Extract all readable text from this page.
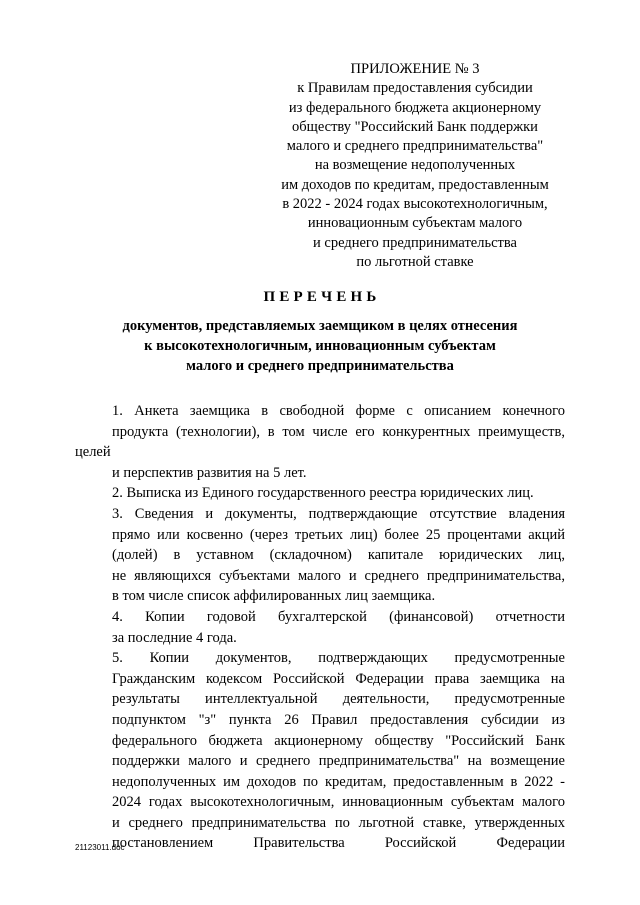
ПРИЛОЖЕНИЕ № 3
к Правилам предоставления субсидии
из федерального бюджета акционерному
обществу "Российский Банк поддержки
малого и среднего предпринимательства"
на возмещение недополученных
им доходов по кредитам, предоставленным
в 2022 - 2024 годах высокотехнологичным,
инновационным субъектам малого
и среднего предпринимательства
по льготной ставке
ПЕРЕЧЕНЬ
документов, представляемых заемщиком в целях отнесения
к высокотехнологичным, инновационным субъектам
малого и среднего предпринимательства
1. Анкета заемщика в свободной форме с описанием конечного
продукта (технологии), в том числе его конкурентных преимуществ, целей
и перспектив развития на 5 лет.
2. Выписка из Единого государственного реестра юридических лиц.
3. Сведения и документы, подтверждающие отсутствие владения
прямо или косвенно (через третьих лиц) более 25 процентами акций
(долей) в уставном (складочном) капитале юридических лиц,
не являющихся субъектами малого и среднего предпринимательства,
в том числе список аффилированных лиц заемщика.
4. Копии годовой бухгалтерской (финансовой) отчетности
за последние 4 года.
5. Копии документов, подтверждающих предусмотренные
Гражданским кодексом Российской Федерации права заемщика на
результаты интеллектуальной деятельности, предусмотренные
подпунктом "з" пункта 26 Правил предоставления субсидии из
федерального бюджета акционерному обществу "Российский Банк
поддержки малого и среднего предпринимательства" на возмещение
недополученных им доходов по кредитам, предоставленным в 2022 -
2024 годах высокотехнологичным, инновационным субъектам малого
и среднего предпринимательства по льготной ставке, утвержденных
постановлением Правительства Российской Федерации
21123011.doc
